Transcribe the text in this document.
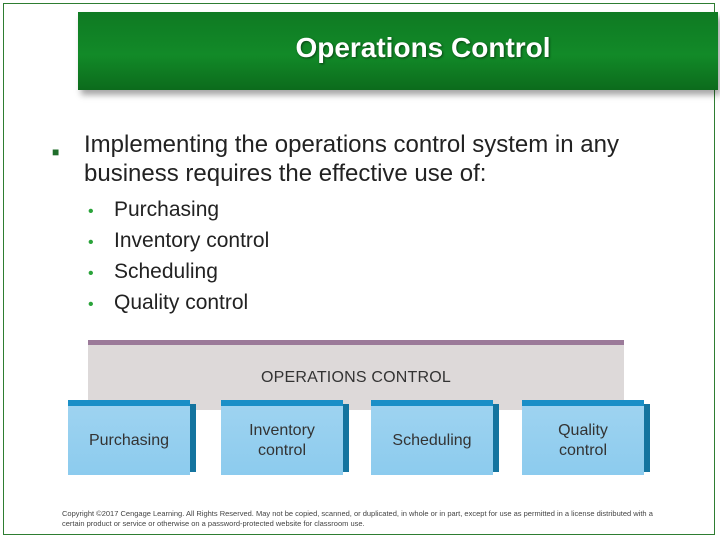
Operations Control
■ Implementing the operations control system in any business requires the effective use of:
• Purchasing
• Inventory control
• Scheduling
• Quality control
OPERATIONS CONTROL
Purchasing
Inventory control
Scheduling
Quality control
Copyright ©2017 Cengage Learning. All Rights Reserved. May not be copied, scanned, or duplicated, in whole or in part, except for use as permitted in a license distributed with a certain product or service or otherwise on a password-protected website for classroom use.
